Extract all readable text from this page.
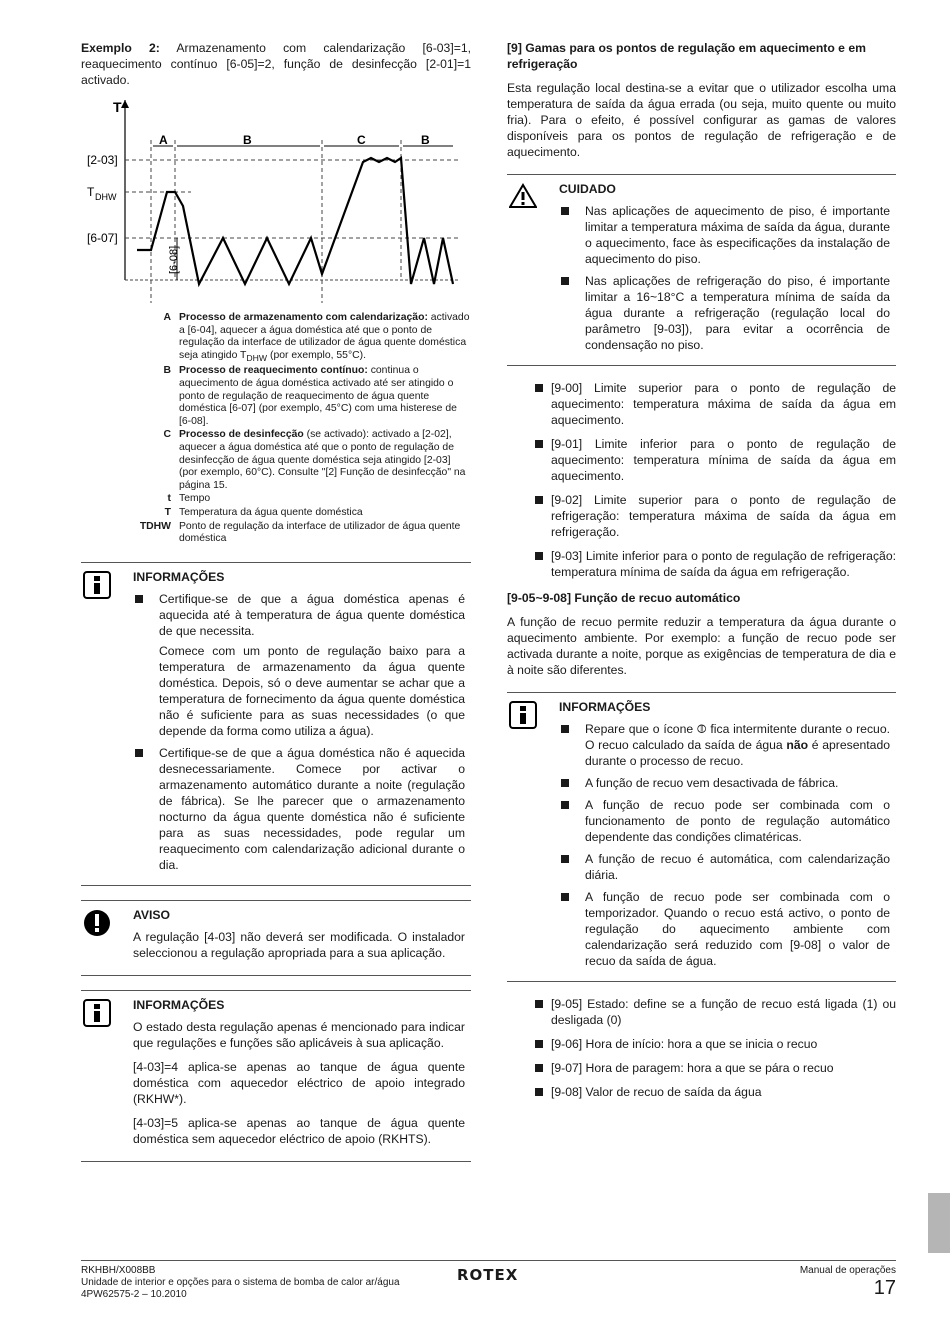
Exemplo 2: Armazenamento com calendarização [6-03]=1, reaquecimento contínuo [6-05]=2, função de desinfecção [2-01]=1 activado.

A	B	C	B
T
[2-03]
T DHW
[6-07]
[6-08]
A Processo de armazenamento com calendarização: activado a [6-04], aquecer a água doméstica até que o ponto de regulação da interface de utilizador de água quente doméstica seja atingido $T_{DHW}$ (por exemplo, 55°C).
B Processo de reaquecimento contínuo: continua o aquecimento de água doméstica activado até ser atingido o ponto de regulação de reaquecimento de água quente doméstica [6-07] (por exemplo, 45°C) com uma histerese de [6-08].
C Processo de desinfecção (se activado): activado a [2-02], aquecer a água doméstica até que o ponto de regulação de desinfecção de água quente doméstica seja atingido [2-03] (por exemplo, 60°C). Consulte "[2] Função de desinfecção" na página 15.
t Tempo
T Temperatura da água quente doméstica
TDHW Ponto de regulação da interface de utilizador de água quente doméstica
INFORMAÇÕES
Certifique-se de que a água doméstica apenas é aquecida até à temperatura de água quente doméstica de que necessita.
Comece com um ponto de regulação baixo para a temperatura de armazenamento da água quente doméstica. Depois, só o deve aumentar se achar que a temperatura de fornecimento da água quente doméstica não é suficiente para as suas necessidades (o que depende da forma como utiliza a água).
Certifique-se de que a água doméstica não é aquecida desnecessariamente. Comece por activar o armazenamento automático durante a noite (regulação de fábrica). Se lhe parecer que o armazenamento nocturno da água quente doméstica não é suficiente para as suas necessidades, pode regular um reaquecimento com calendarização adicional durante o dia.
AVISO

A regulação [4-03] não deverá ser modificada. O instalador seleccionou a regulação apropriada para a sua aplicação.

INFORMAÇÕES

O estado desta regulação apenas é mencionado para indicar que regulações e funções são aplicáveis à sua aplicação.

[4-03]=4 aplica-se apenas ao tanque de água quente doméstica com aquecedor eléctrico de apoio integrado (RKHW*).

[4-03]=5 aplica-se apenas ao tanque de água quente doméstica sem aquecedor eléctrico de apoio (RKHTS).

[9] Gamas para os pontos de regulação em aquecimento e em refrigeração

Esta regulação local destina-se a evitar que o utilizador escolha uma temperatura de saída da água errada (ou seja, muito quente ou muito fria). Para o efeito, é possível configurar as gamas de valores disponíveis para os pontos de regulação de refrigeração e de aquecimento.

CUIDADO
Nas aplicações de aquecimento de piso, é importante limitar a temperatura máxima de saída da água, durante o aquecimento, face às especificações da instalação de aquecimento do piso.
Nas aplicações de refrigeração do piso, é importante limitar a 16~18°C a temperatura mínima de saída da água durante a refrigeração (regulação local do parâmetro [9-03]), para evitar a ocorrência de condensação no piso.
[9-00] Limite superior para o ponto de regulação de aquecimento: temperatura máxima de saída da água em aquecimento.
[9-01] Limite inferior para o ponto de regulação de aquecimento: temperatura mínima de saída da água em aquecimento.
[9-02] Limite superior para o ponto de regulação de refrigeração: temperatura máxima de saída da água em refrigeração.
[9-03] Limite inferior para o ponto de regulação de refrigeração: temperatura mínima de saída da água em refrigeração.
[9-05~9-08] Função de recuo automático

A função de recuo permite reduzir a temperatura da água durante o aquecimento ambiente. Por exemplo: a função de recuo pode ser activada durante a noite, porque as exigências de temperatura de dia e à noite são diferentes.

INFORMAÇÕES
Repare que o ícone ⦷ fica intermitente durante o recuo. O recuo calculado da saída de água não é apresentado durante o processo de recuo.
A função de recuo vem desactivada de fábrica.
A função de recuo pode ser combinada com o funcionamento de ponto de regulação automático dependente das condições climatéricas.
A função de recuo é automática, com calendarização diária.
A função de recuo pode ser combinada com o temporizador. Quando o recuo está activo, o ponto de regulação do aquecimento ambiente com calendarização será reduzido com [9-08] o valor de recuo da saída de água.
[9-05] Estado: define se a função de recuo está ligada (1) ou desligada (0)
[9-06] Hora de início: hora a que se inicia o recuo
[9-07] Hora de paragem: hora a que se pára o recuo
[9-08] Valor de recuo de saída da água
RKHBH/X008BB
Unidade de interior e opções para o sistema de bomba de calor ar/água
4PW62575-2 – 10.2010
ROTEX	Manual de operações
17
